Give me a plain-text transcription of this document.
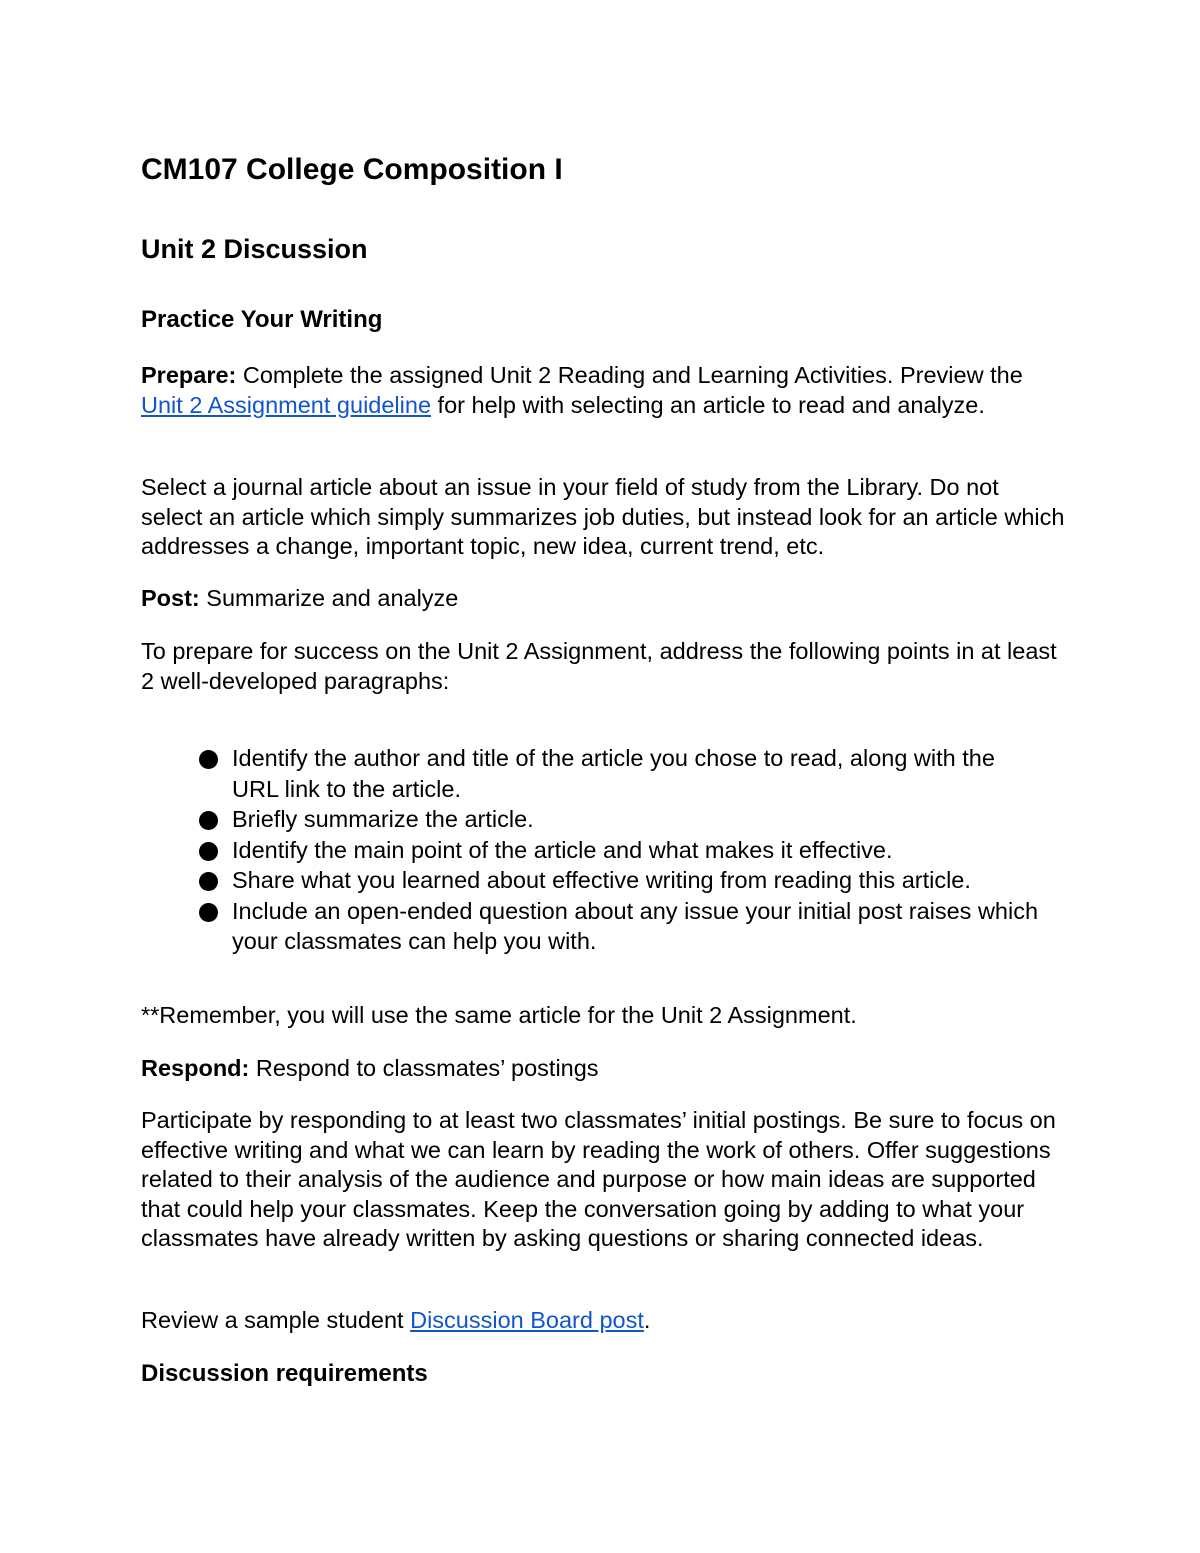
CM107 College Composition I
Unit 2 Discussion
Practice Your Writing

Prepare: Complete the assigned Unit 2 Reading and Learning Activities. Preview the Unit 2 Assignment guideline for help with selecting an article to read and analyze.

Select a journal article about an issue in your field of study from the Library. Do not select an article which simply summarizes job duties, but instead look for an article which addresses a change, important topic, new idea, current trend, etc.

Post: Summarize and analyze

To prepare for success on the Unit 2 Assignment, address the following points in at least 2 well-developed paragraphs:

Identify the author and title of the article you chose to read, along with the URL link to the article.
Briefly summarize the article.
Identify the main point of the article and what makes it effective.
Share what you learned about effective writing from reading this article.
Include an open-ended question about any issue your initial post raises which your classmates can help you with.

**Remember, you will use the same article for the Unit 2 Assignment.

Respond: Respond to classmates’ postings

Participate by responding to at least two classmates’ initial postings. Be sure to focus on effective writing and what we can learn by reading the work of others. Offer suggestions related to their analysis of the audience and purpose or how main ideas are supported that could help your classmates. Keep the conversation going by adding to what your classmates have already written by asking questions or sharing connected ideas.

Review a sample student Discussion Board post.

Discussion requirements
